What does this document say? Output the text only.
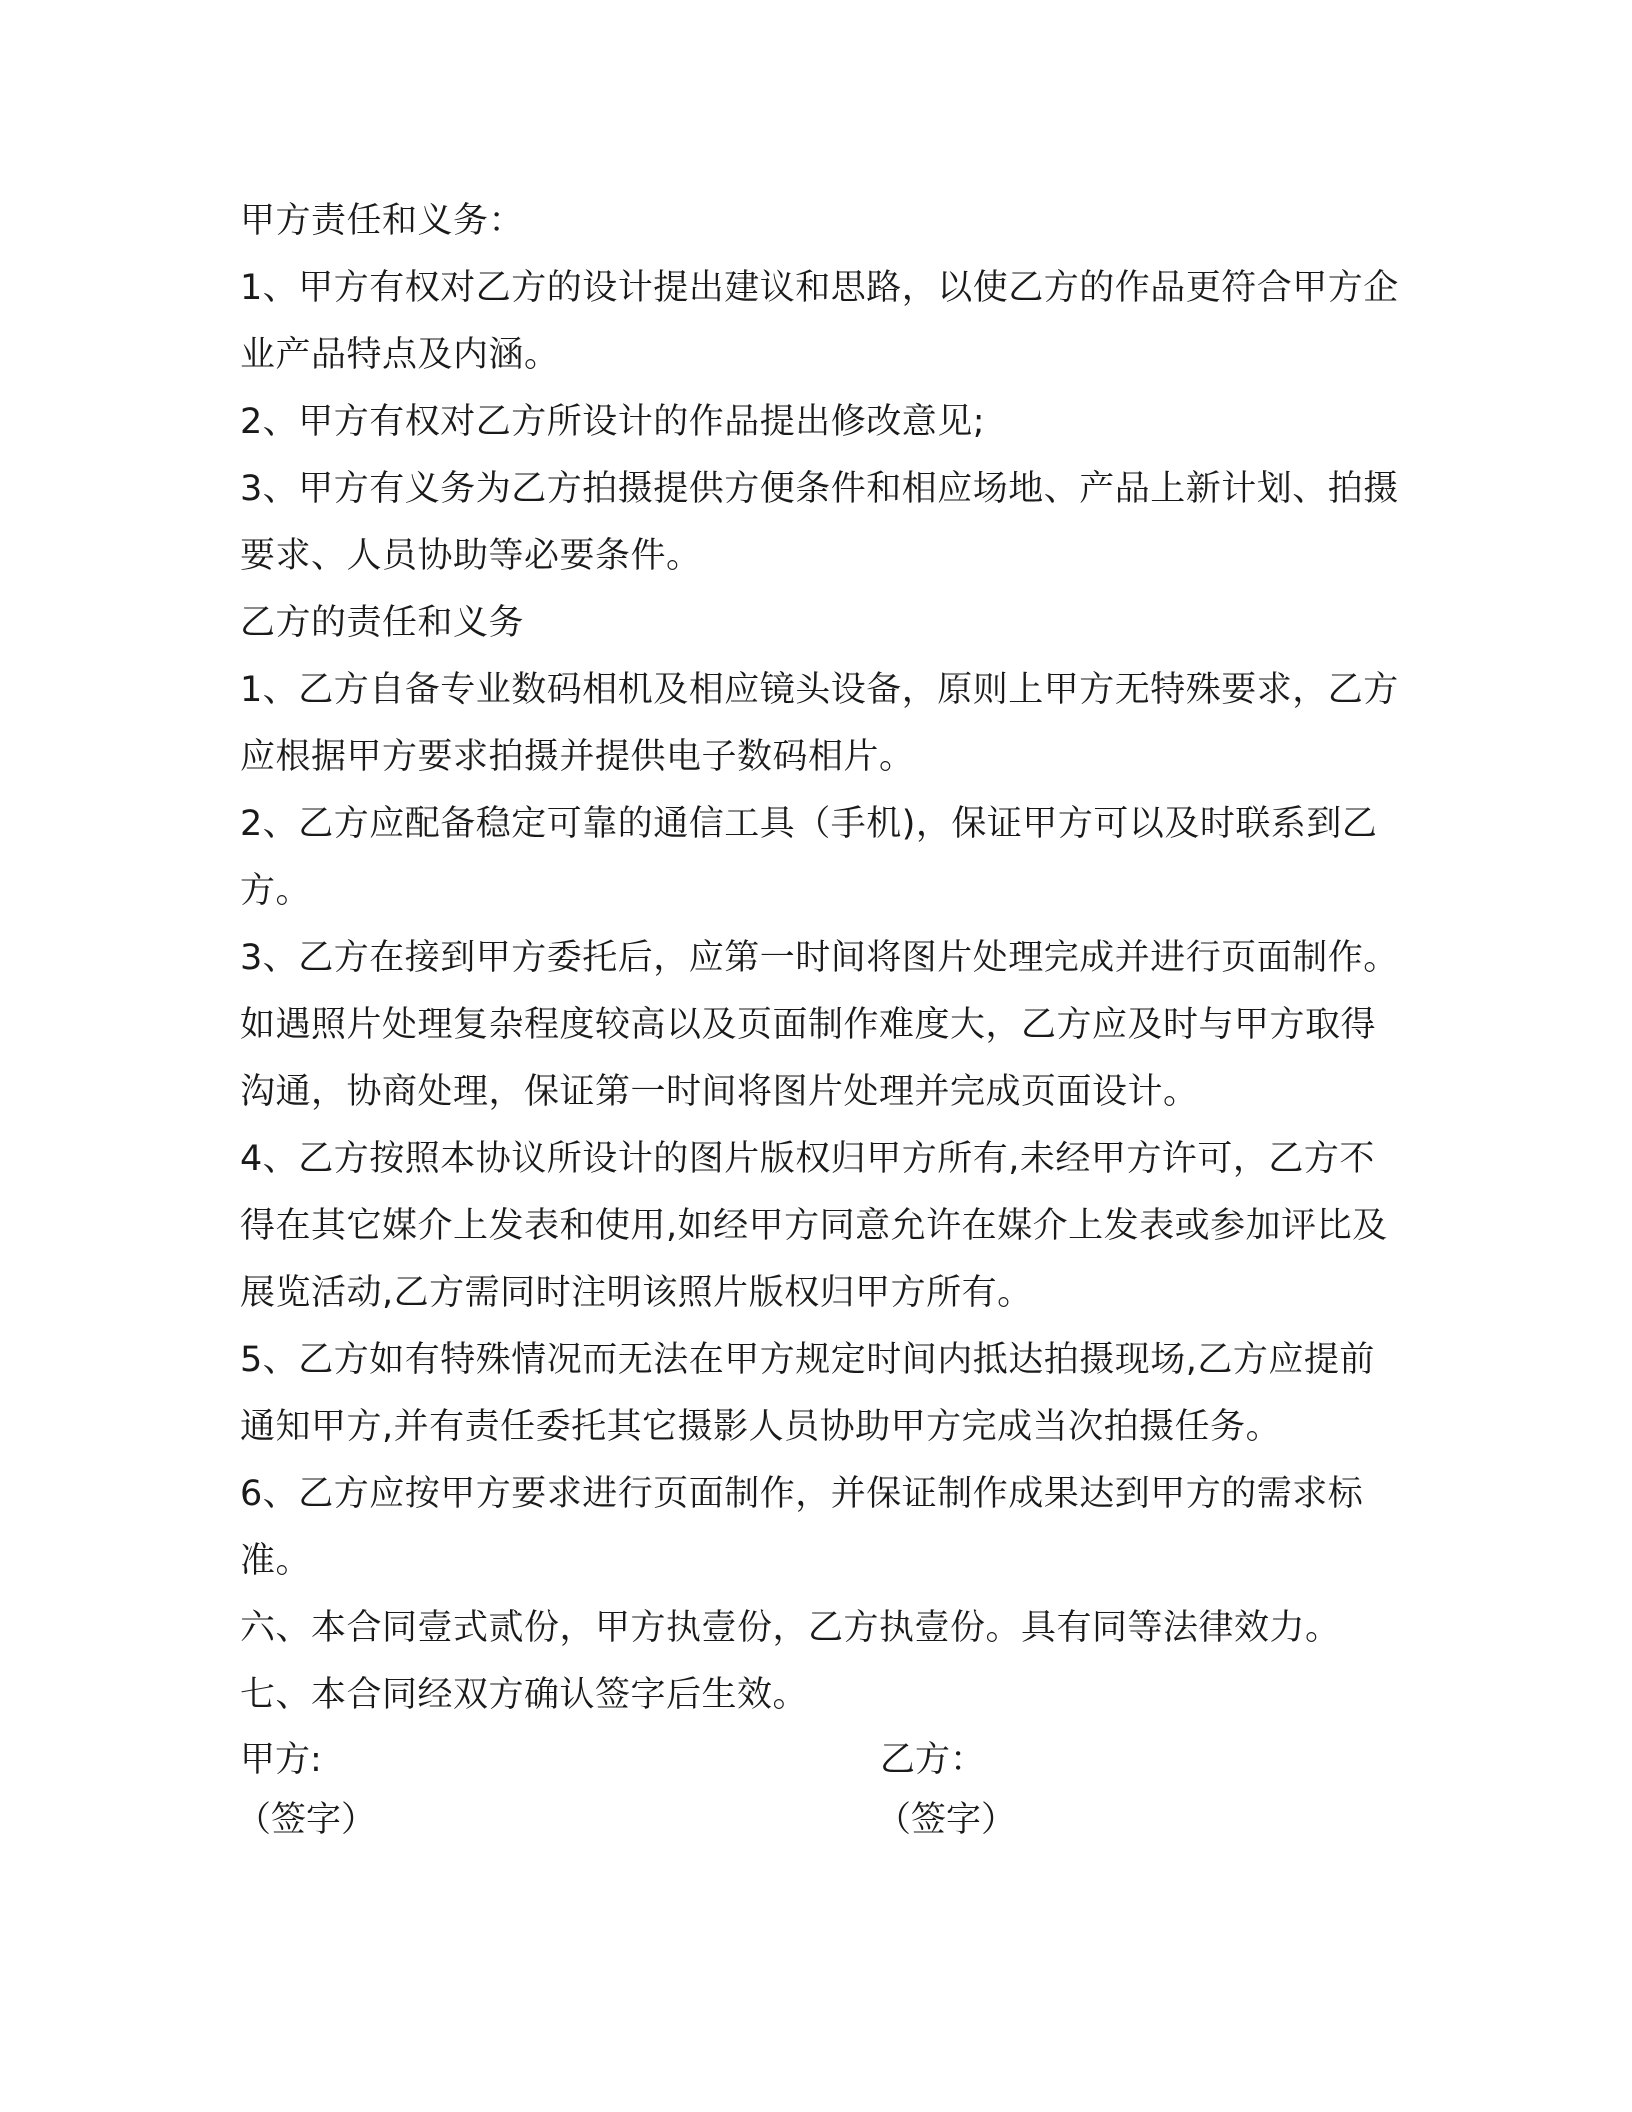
甲方责任和义务：

1、甲方有权对乙方的设计提出建议和思路，以使乙方的作品更符合甲方企业产品特点及内涵。

2、甲方有权对乙方所设计的作品提出修改意见;

3、甲方有义务为乙方拍摄提供方便条件和相应场地、产品上新计划、拍摄要求、人员协助等必要条件。

乙方的责任和义务

1、乙方自备专业数码相机及相应镜头设备，原则上甲方无特殊要求，乙方应根据甲方要求拍摄并提供电子数码相片。

2、乙方应配备稳定可靠的通信工具（手机)，保证甲方可以及时联系到乙方。

3、乙方在接到甲方委托后，应第一时间将图片处理完成并进行页面制作。如遇照片处理复杂程度较高以及页面制作难度大，乙方应及时与甲方取得沟通，协商处理，保证第一时间将图片处理并完成页面设计。

4、乙方按照本协议所设计的图片版权归甲方所有,未经甲方许可，乙方不得在其它媒介上发表和使用,如经甲方同意允许在媒介上发表或参加评比及展览活动,乙方需同时注明该照片版权归甲方所有。

5、乙方如有特殊情况而无法在甲方规定时间内抵达拍摄现场,乙方应提前通知甲方,并有责任委托其它摄影人员协助甲方完成当次拍摄任务。

6、乙方应按甲方要求进行页面制作，并保证制作成果达到甲方的需求标准。

六、本合同壹式贰份，甲方执壹份，乙方执壹份。具有同等法律效力。

七、本合同经双方确认签字后生效。

甲方:
（签字）
乙方：
（签字）
